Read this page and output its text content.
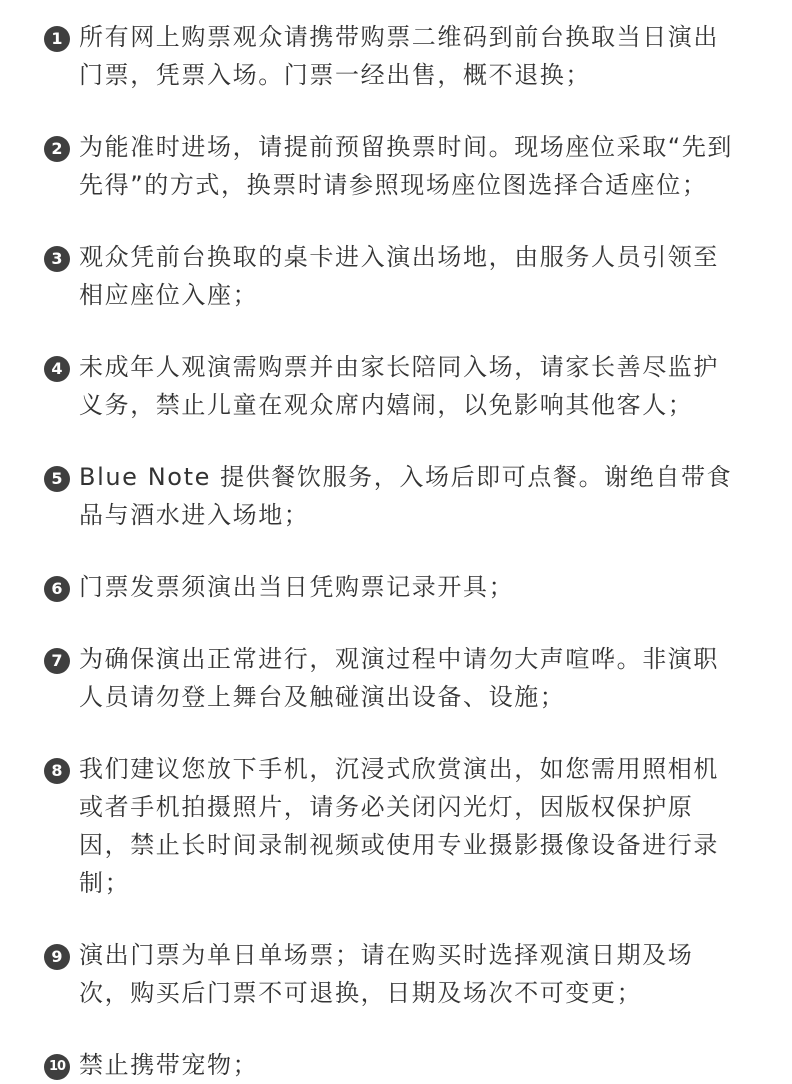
1 所有网上购票观众请携带购票二维码到前台换取当日演出门票，凭票入场。门票一经出售，概不退换；
2 为能准时进场，请提前预留换票时间。现场座位采取“先到先得”的方式，换票时请参照现场座位图选择合适座位；
3 观众凭前台换取的桌卡进入演出场地，由服务人员引领至相应座位入座；
4 未成年人观演需购票并由家长陪同入场，请家长善尽监护义务，禁止儿童在观众席内嬉闹，以免影响其他客人；
5 Blue Note 提供餐饮服务，入场后即可点餐。谢绝自带食品与酒水进入场地；
6 门票发票须演出当日凭购票记录开具；
7 为确保演出正常进行，观演过程中请勿大声喧哗。非演职人员请勿登上舞台及触碰演出设备、设施；
8 我们建议您放下手机，沉浸式欣赏演出，如您需用照相机或者手机拍摄照片，请务必关闭闪光灯，因版权保护原因，禁止长时间录制视频或使用专业摄影摄像设备进行录制；
9 演出门票为单日单场票；请在购买时选择观演日期及场次，购买后门票不可退换，日期及场次不可变更；
10 禁止携带宠物；
